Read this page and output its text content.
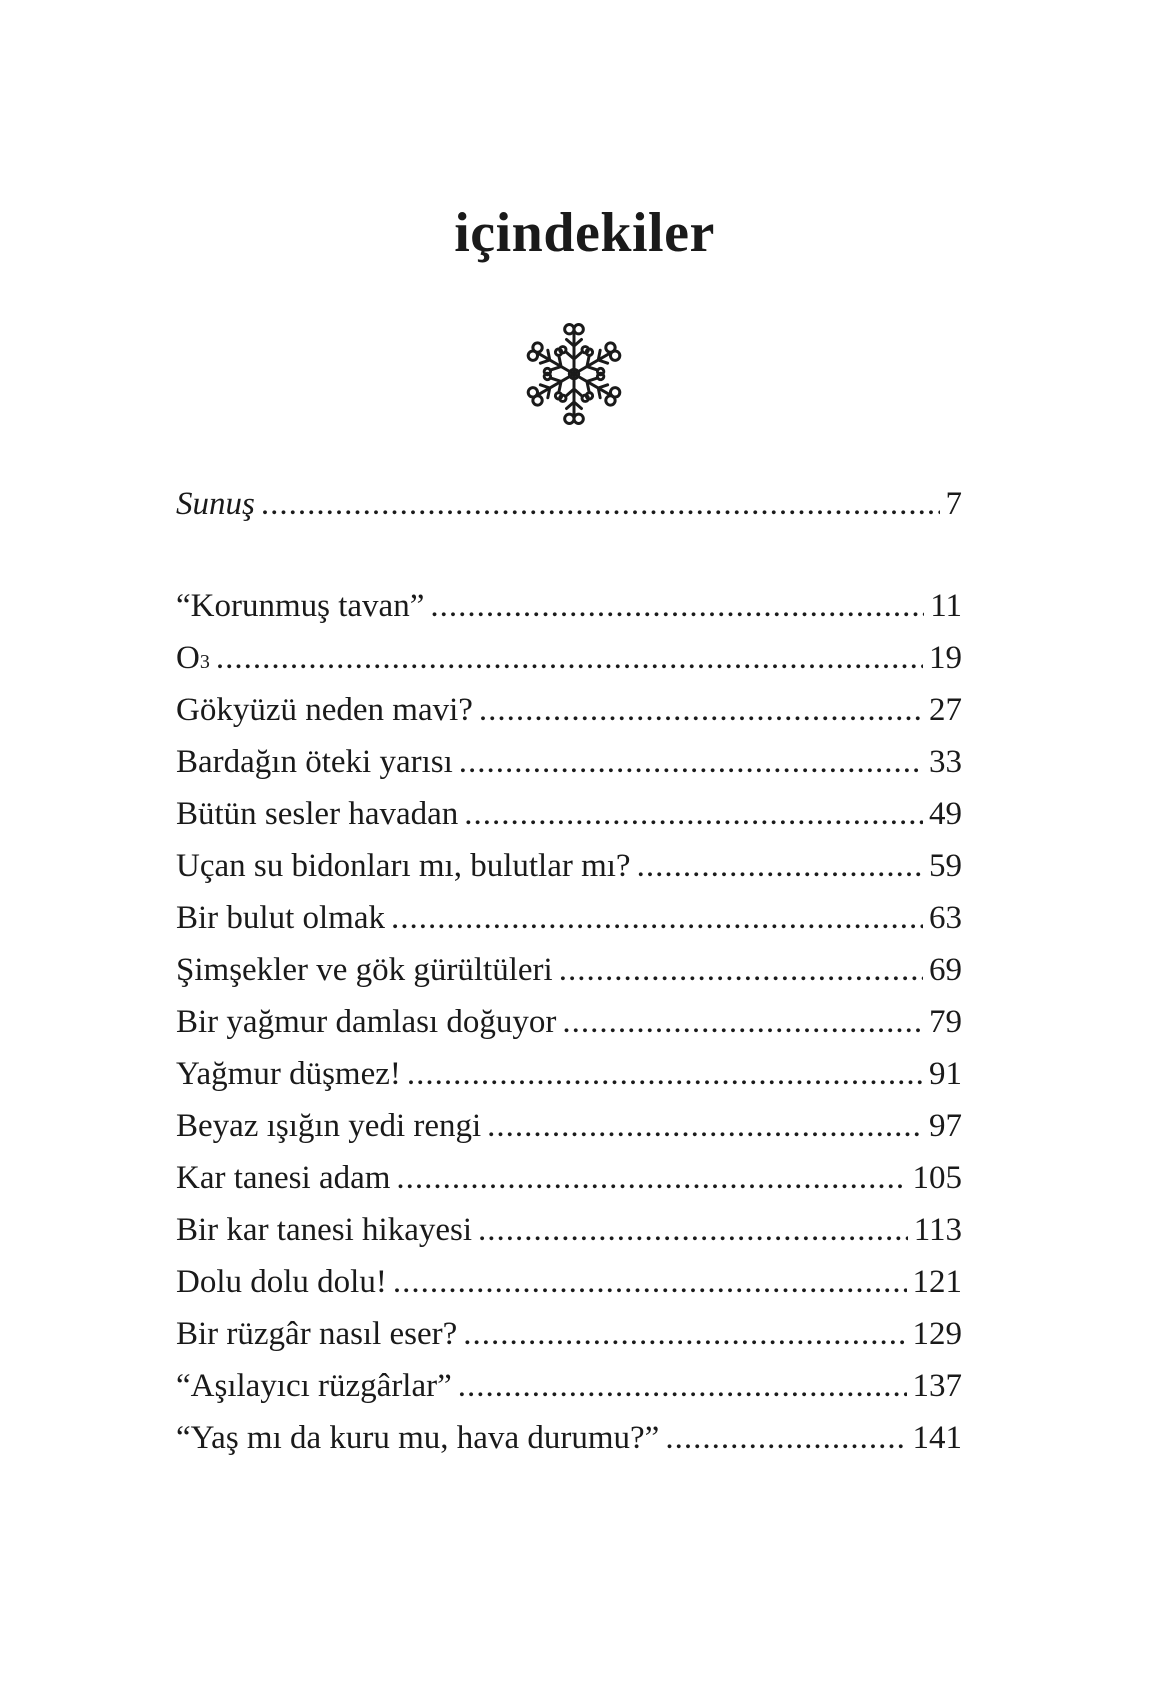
içindekiler
Sunuş .....	7
“Korunmuş tavan” .....	11
O 3 .....	19
Gökyüzü neden mavi? .....	27
Bardağın öteki yarısı .....	33
Bütün sesler havadan .....	49
Uçan su bidonları mı, bulutlar mı? .....	59
Bir bulut olmak .....	63
Şimşekler ve gök gürültüleri .....	69
Bir yağmur damlası doğuyor .....	79
Yağmur düşmez! .....	91
Beyaz ışığın yedi rengi .....	97
Kar tanesi adam .....	105
Bir kar tanesi hikayesi .....	113
Dolu dolu dolu! .....	121
Bir rüzgâr nasıl eser? .....	129
“Aşılayıcı rüzgârlar” .....	137
“Yaş mı da kuru mu, hava durumu?” .....	141
